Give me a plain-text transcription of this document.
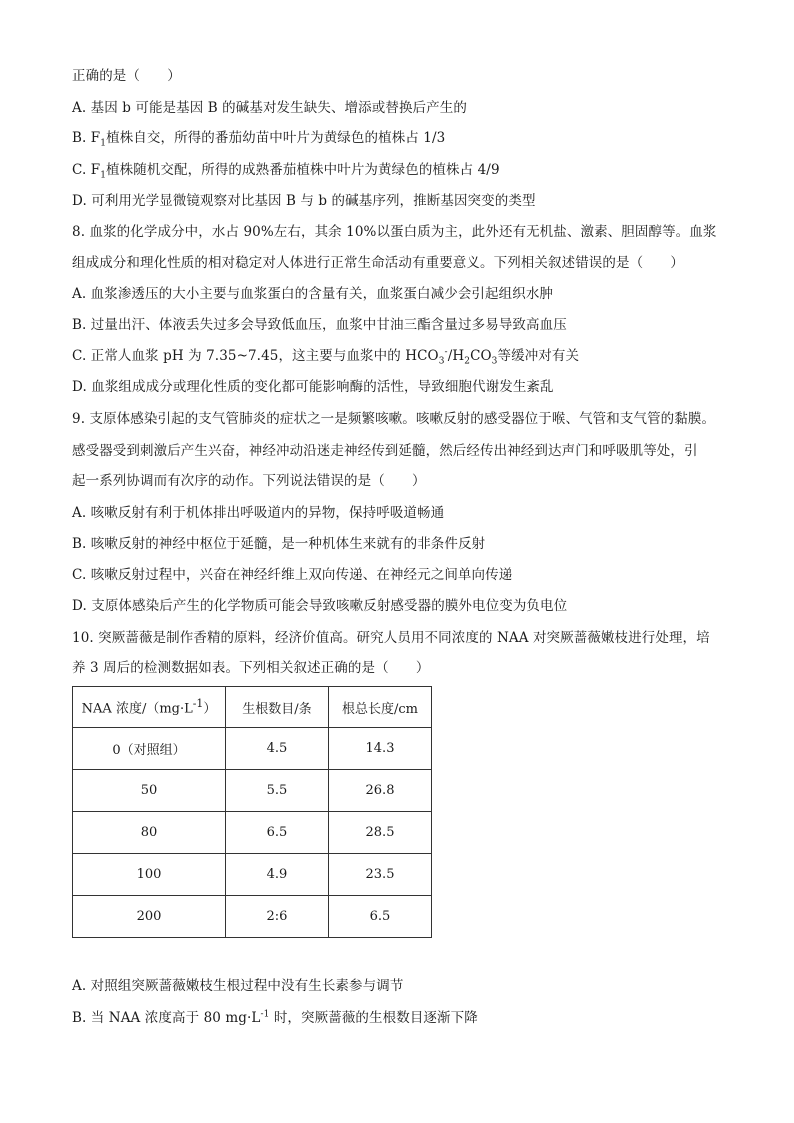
正确的是（　　）
A. 基因 b 可能是基因 B 的碱基对发生缺失、增添或替换后产生的
B. $F_1$植株自交，所得的番茄幼苗中叶片为黄绿色的植株占 1/3
C. $F_1$植株随机交配，所得的成熟番茄植株中叶片为黄绿色的植株占 4/9
D. 可利用光学显微镜观察对比基因 B 与 b 的碱基序列，推断基因突变的类型
8. 血浆的化学成分中，水占 90%左右，其余 10%以蛋白质为主，此外还有无机盐、激素、胆固醇等。血浆
组成成分和理化性质的相对稳定对人体进行正常生命活动有重要意义。下列相关叙述错误的是（　　）
A. 血浆渗透压的大小主要与血浆蛋白的含量有关，血浆蛋白减少会引起组织水肿
B. 过量出汗、体液丢失过多会导致低血压，血浆中甘油三酯含量过多易导致高血压
C. 正常人血浆 pH 为 7.35~7.45，这主要与血浆中的 $HCO_3^-/H_2CO_3$等缓冲对有关
D. 血浆组成成分或理化性质的变化都可能影响酶的活性，导致细胞代谢发生紊乱
9. 支原体感染引起的支气管肺炎的症状之一是频繁咳嗽。咳嗽反射的感受器位于喉、气管和支气管的黏膜。
感受器受到刺激后产生兴奋，神经冲动沿迷走神经传到延髓，然后经传出神经到达声门和呼吸肌等处，引
起一系列协调而有次序的动作。下列说法错误的是（　　）
A. 咳嗽反射有利于机体排出呼吸道内的异物，保持呼吸道畅通
B. 咳嗽反射的神经中枢位于延髓，是一种机体生来就有的非条件反射
C. 咳嗽反射过程中，兴奋在神经纤维上双向传递、在神经元之间单向传递
D. 支原体感染后产生的化学物质可能会导致咳嗽反射感受器的膜外电位变为负电位
10. 突厥蔷薇是制作香精的原料，经济价值高。研究人员用不同浓度的 NAA 对突厥蔷薇嫩枝进行处理，培
养 3 周后的检测数据如表。下列相关叙述正确的是（　　）
NAA 浓度$/(mg\cdot L^{-1})$	生根数目/条	根总长度/cm
0（对照组）	4.5	14.3
50	5.5	26.8
80	6.5	28.5
100	4.9	23.5
200	2:6	6.5
A. 对照组突厥蔷薇嫩枝生根过程中没有生长素参与调节
B. 当 NAA 浓度高于 80 $mg\cdot L^{-1}$ 时，突厥蔷薇的生根数目逐渐下降
